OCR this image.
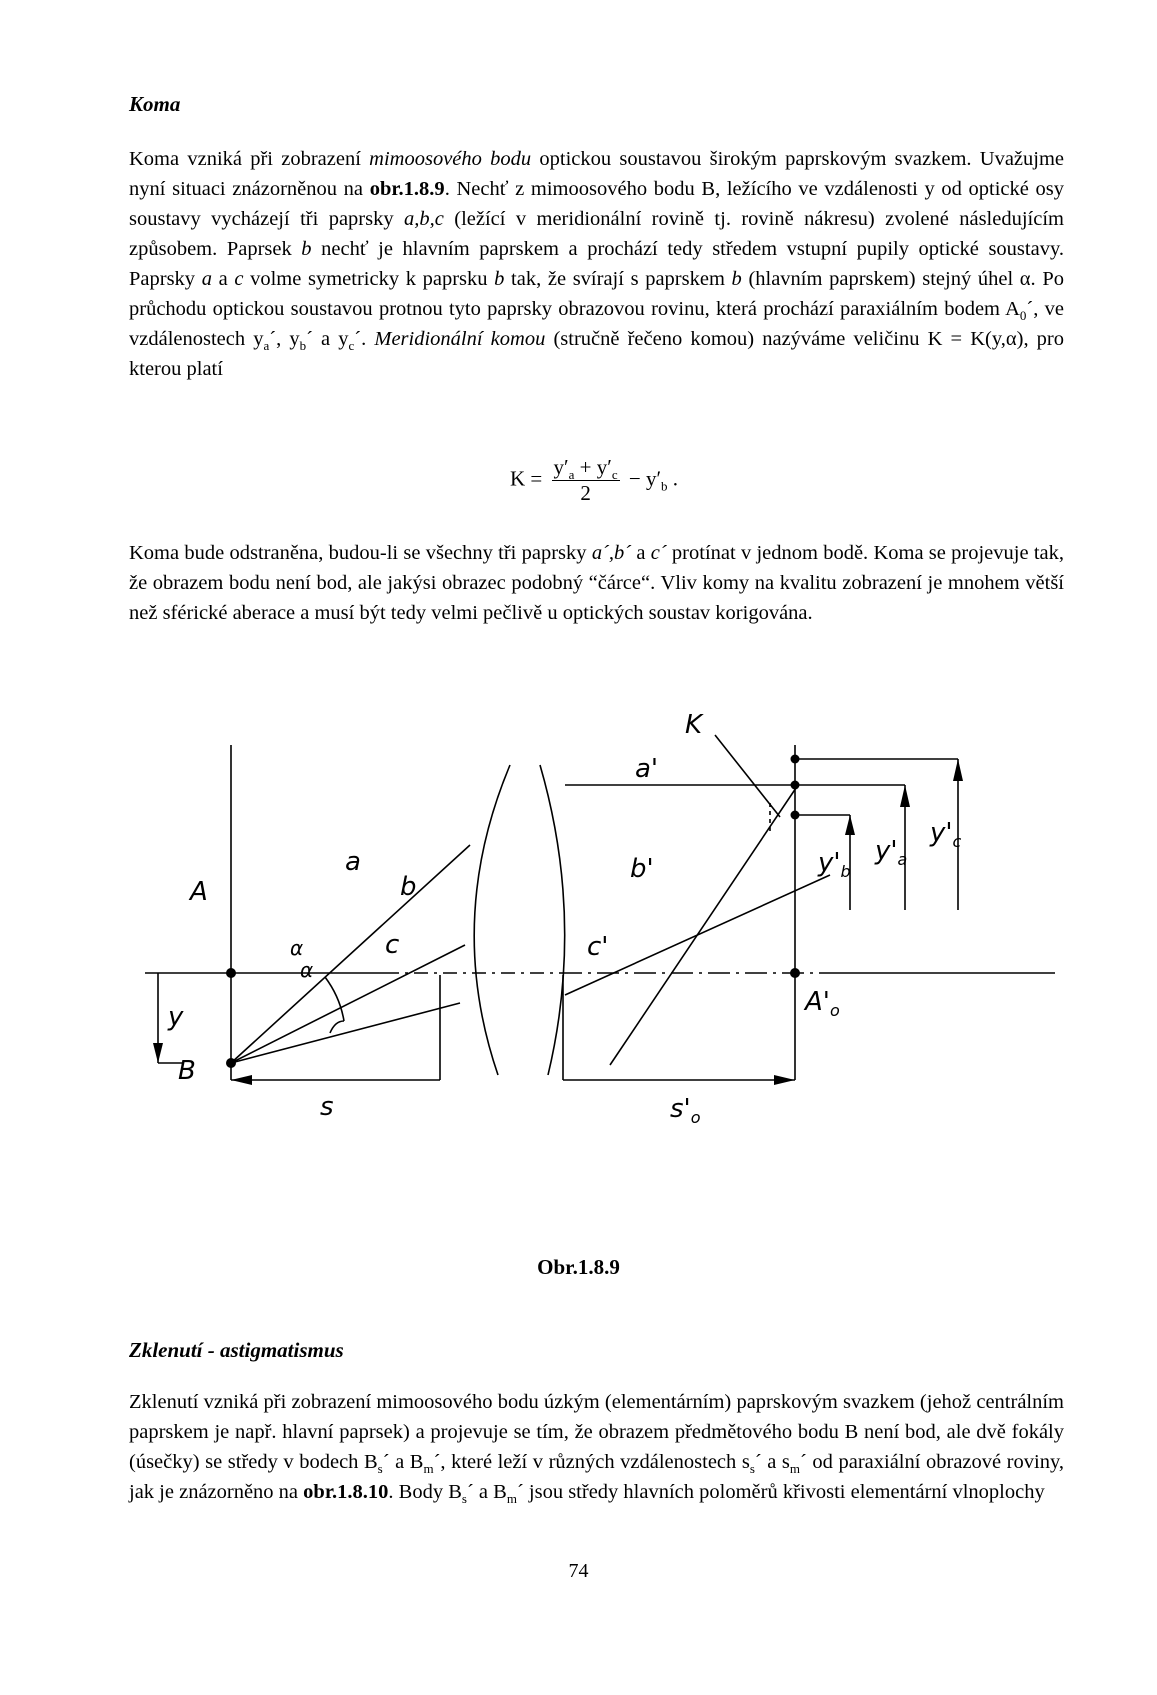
Koma

Koma vzniká při zobrazení mimoosového bodu optickou soustavou širokým paprskovým svazkem. Uvažujme nyní situaci znázorněnou na obr.1.8.9. Nechť z mimoosového bodu B, ležícího ve vzdálenosti y od optické osy soustavy vycházejí tři paprsky a,b,c (ležící v meridionální rovině tj. rovině nákresu) zvolené následujícím způsobem. Paprsek b nechť je hlavním paprskem a prochází tedy středem vstupní pupily optické soustavy. Paprsky a a c volme symetricky k paprsku b tak, že svírají s paprskem b (hlavním paprskem) stejný úhel α. Po průchodu optickou soustavou protnou tyto paprsky obrazovou rovinu, která prochází paraxiálním bodem $A_0´$, ve vzdálenostech $y_a´$, $y_b´$ a $y_c´$. Meridionální komou (stručně řečeno komou) nazýváme veličinu K = K(y,α), pro kterou platí

$K = \frac{y'_a + y'_c}{2} - y'_b$ .

Koma bude odstraněna, budou-li se všechny tři paprsky a´,b´ a c´ protínat v jednom bodě. Koma se projevuje tak, že obrazem bodu není bod, ale jakýsi obrazec podobný “čárce“. Vliv komy na kvalitu zobrazení je mnohem větší než sférické aberace a musí být tedy velmi pečlivě u optických soustav korigována.

K
a'
a
b
c
b'
c'
A
B
y
α
α
s	$s'_o$
$A'_o$
$y'_b$
$y'_a$
$y'_c$
Obr.1.8.9
Zklenutí - astigmatismus

Zklenutí vzniká při zobrazení mimoosového bodu úzkým (elementárním) paprskovým svazkem (jehož centrálním paprskem je např. hlavní paprsek) a projevuje se tím, že obrazem předmětového bodu B není bod, ale dvě fokály (úsečky) se středy v bodech $B_s´$ a $B_m´$, které leží v různých vzdálenostech $s_s´$ a $s_m´$ od paraxiální obrazové roviny, jak je znázorněno na obr.1.8.10. Body $B_s´$ a $B_m´$ jsou středy hlavních poloměrů křivosti elementární vlnoplochy

74
